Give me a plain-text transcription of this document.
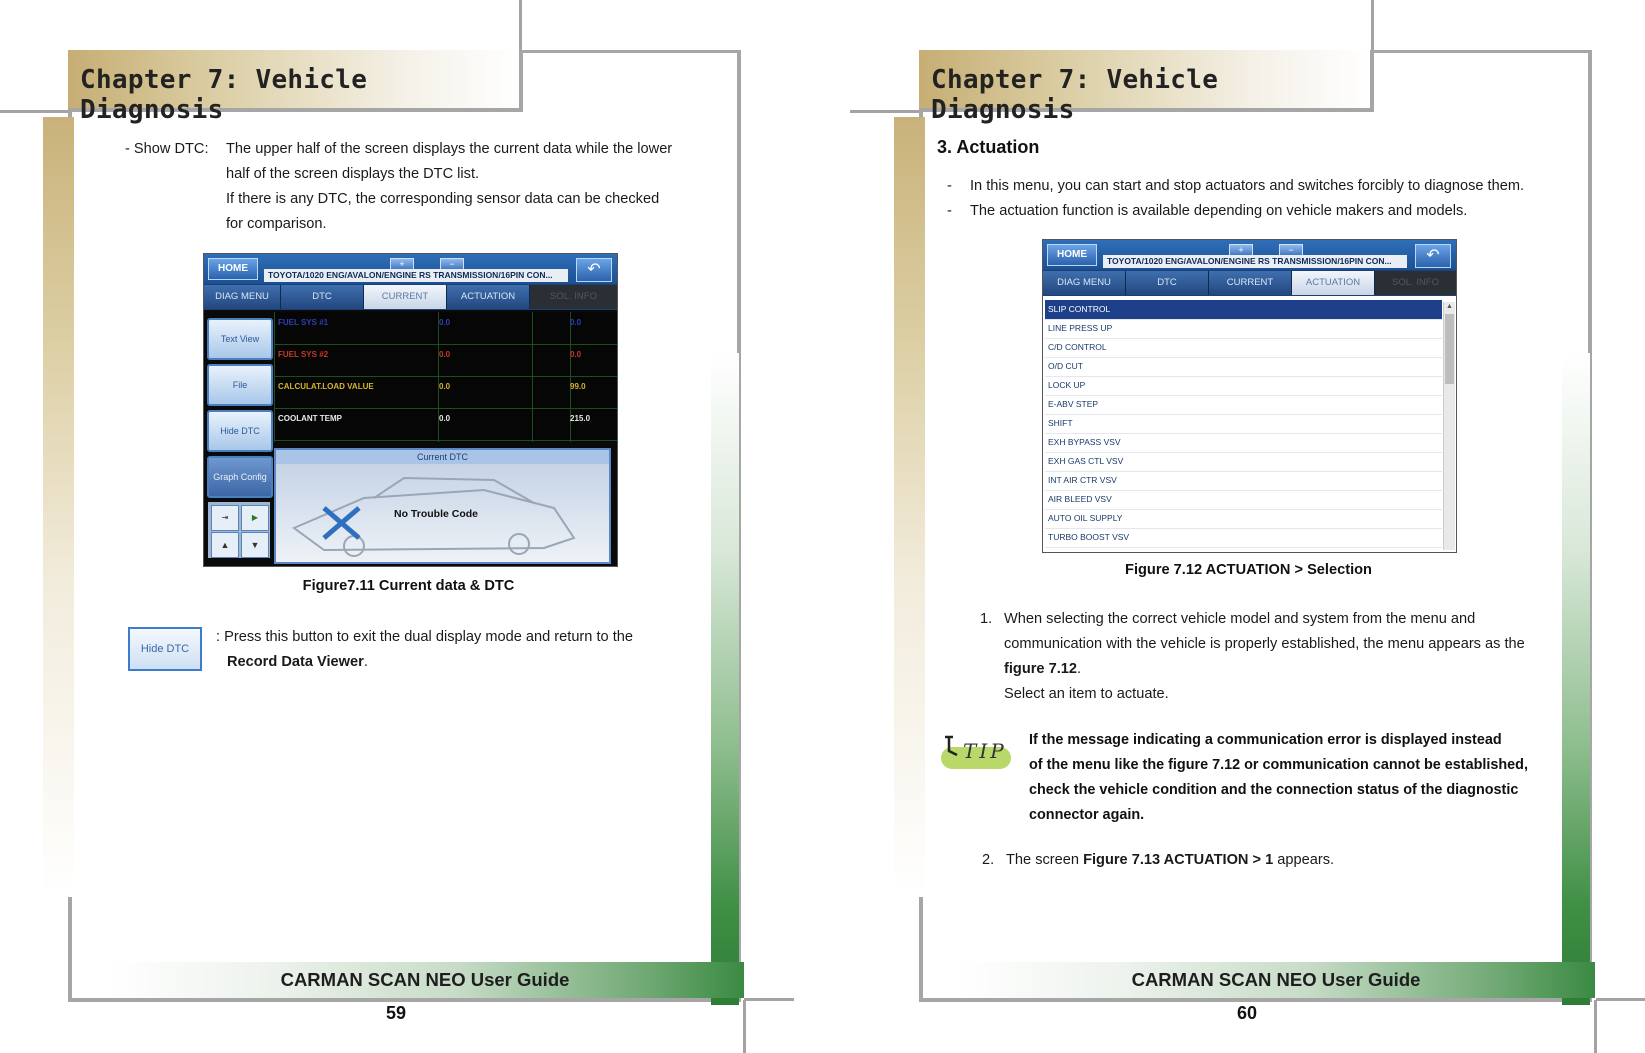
Chapter 7: Vehicle Diagnosis
- Show DTC: The upper half of the screen displays the current data while the lower
half of the screen displays the DTC list.
If there is any DTC, the corresponding sensor data can be checked
for comparison.
HOME	+	−
TOYOTA/1020 ENG/AVALON/ENGINE RS TRANSMISSION/16PIN CON...	↶
DIAG MENU	DTC	CURRENT	ACTUATION	SOL. INFO
Text View
File
Hide DTC
Graph Config
⇥	▶
▲	▼
FUEL SYS #1	0.0	0.0
FUEL SYS #2	0.0	0.0
CALCULAT.LOAD VALUE	0.0	99.0
COOLANT TEMP	0.0	215.0
Current DTC
No Trouble Code
Figure7.11 Current data & DTC
Hide DTC
: Press this button to exit the dual display mode and return to the
Record Data Viewer.
CARMAN SCAN NEO User Guide
59
Chapter 7: Vehicle Diagnosis
3. Actuation
- In this menu, you can start and stop actuators and switches forcibly to diagnose them.
- The actuation function is available depending on vehicle makers and models.
HOME	+	−
TOYOTA/1020 ENG/AVALON/ENGINE RS TRANSMISSION/16PIN CON...	↶
DIAG MENU	DTC	CURRENT	ACTUATION	SOL. INFO
SLIP CONTROL
LINE PRESS UP
C/D CONTROL
O/D CUT
LOCK UP
E-ABV STEP
SHIFT
EXH BYPASS VSV
EXH GAS CTL VSV
INT AIR CTR VSV
AIR BLEED VSV
AUTO OIL SUPPLY
TURBO BOOST VSV
▲
Figure 7.12 ACTUATION > Selection
1. When selecting the correct vehicle model and system from the menu and
communication with the vehicle is properly established, the menu appears as the
figure 7.12.
Select an item to actuate.
TIP If the message indicating a communication error is displayed instead
of the menu like the figure 7.12 or communication cannot be established,
check the vehicle condition and the connection status of the diagnostic
connector again.
2. The screen Figure 7.13 ACTUATION > 1 appears.
CARMAN SCAN NEO User Guide
60
